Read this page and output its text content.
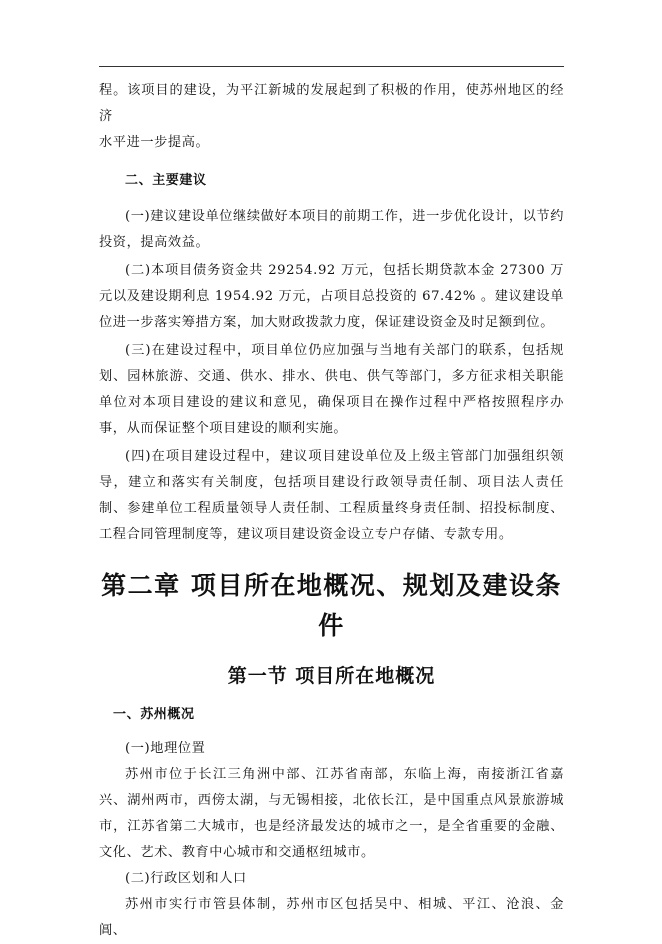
程。该项目的建设，为平江新城的发展起到了积极的作用，使苏州地区的经济

水平进一步提高。

二、主要建议

(一)建议建设单位继续做好本项目的前期工作，进一步优化设计，以节约投资，提高效益。

(二)本项目债务资金共 29254.92 万元，包括长期贷款本金 27300 万元以及建设期利息 1954.92 万元，占项目总投资的 67.42% 。建议建设单位进一步落实筹措方案，加大财政拨款力度，保证建设资金及时足额到位。

(三)在建设过程中，项目单位仍应加强与当地有关部门的联系，包括规划、园林旅游、交通、供水、排水、供电、供气等部门，多方征求相关职能单位对本项目建设的建议和意见，确保项目在操作过程中严格按照程序办事，从而保证整个项目建设的顺利实施。

(四)在项目建设过程中，建议项目建设单位及上级主管部门加强组织领导，建立和落实有关制度，包括项目建设行政领导责任制、项目法人责任制、参建单位工程质量领导人责任制、工程质量终身责任制、招投标制度、工程合同管理制度等，建议项目建设资金设立专户存储、专款专用。

第二章 项目所在地概况、规划及建设条件
第一节 项目所在地概况

一、苏州概况

(一)地理位置

苏州市位于长江三角洲中部、江苏省南部，东临上海，南接浙江省嘉兴、湖州两市，西傍太湖，与无锡相接，北依长江，是中国重点风景旅游城市，江苏省第二大城市，也是经济最发达的城市之一，是全省重要的金融、文化、艺术、教育中心城市和交通枢纽城市。

(二)行政区划和人口

苏州市实行市管县体制，苏州市区包括吴中、相城、平江、沧浪、金阊、
